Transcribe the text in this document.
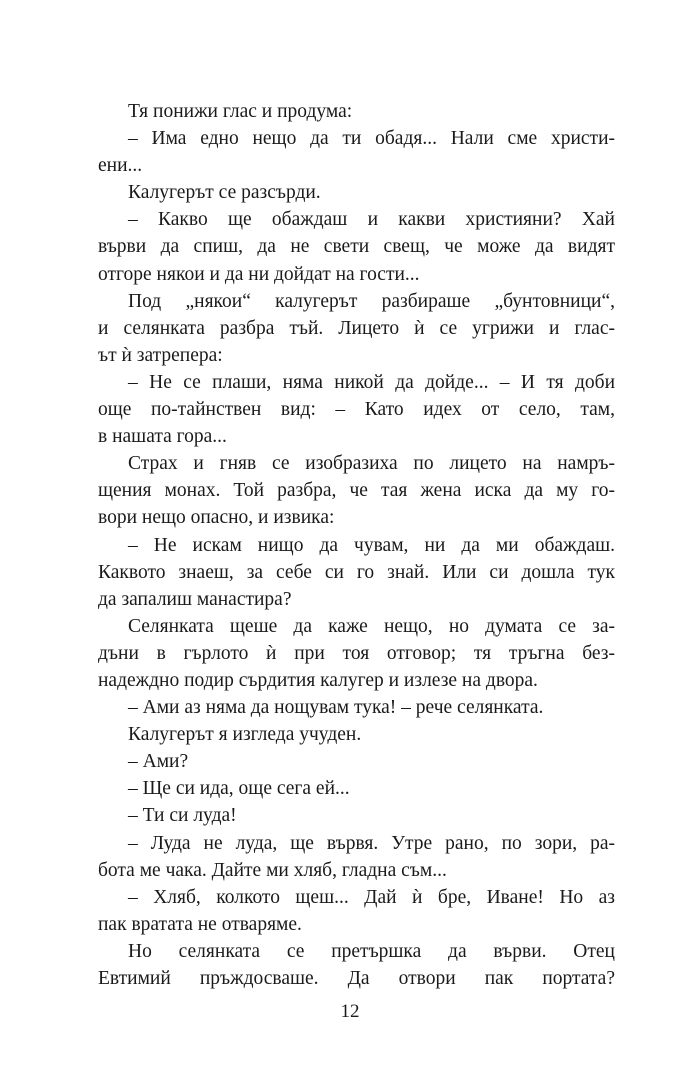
Тя понижи глас и продума:
– Има едно нещо да ти обадя... Нали сме христи-
ени...
Калугерът се разсърди.
– Какво ще обаждаш и какви християни? Хай
върви да спиш, да не свети свещ, че може да видят
отгоре някои и да ни дойдат на гости...
Под „някои“ калугерът разбираше „бунтовници“,
и селянката разбра тъй. Лицето ѝ се угрижи и глас-
ът ѝ затрепера:
– Не се плаши, няма никой да дойде... – И тя доби
още по-тайнствен вид: – Като идех от село, там,
в нашата гора...
Страх и гняв се изобразиха по лицето на намръ-
щения монах. Той разбра, че тая жена иска да му го-
вори нещо опасно, и извика:
– Не искам нищо да чувам, ни да ми обаждаш.
Каквото знаеш, за себе си го знай. Или си дошла тук
да запалиш манастира?
Селянката щеше да каже нещо, но думата се за-
дъни в гърлото ѝ при тоя отговор; тя тръгна без-
надеждно подир сърдития калугер и излезе на двора.
– Ами аз няма да нощувам тука! – рече селянката.
Калугерът я изгледа учуден.
– Ами?
– Ще си ида, още сега ей...
– Ти си луда!
– Луда не луда, ще вървя. Утре рано, по зори, ра-
бота ме чака. Дайте ми хляб, гладна съм...
– Хляб, колкото щеш... Дай ѝ бре, Иване! Но аз
пак вратата не отваряме.
Но селянката се претършка да върви. Отец
Евтимий пръждосваше. Да отвори пак портата?
12
